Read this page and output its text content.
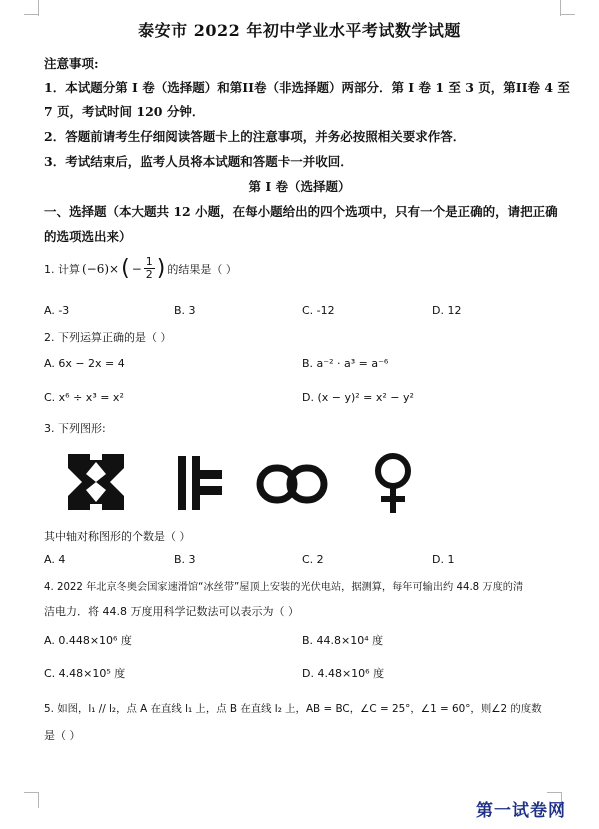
泰安市 2022 年初中学业水平考试数学试题
注意事项:
1．本试题分第 I 卷（选择题）和第II卷（非选择题）两部分．第 I 卷 1 至 3 页，第II卷 4 至
7 页，考试时间 120 分钟．
2．答题前请考生仔细阅读答题卡上的注意事项，并务必按照相关要求作答．
3．考试结束后，监考人员将本试题和答题卡一并收回．
第 I 卷（选择题）
一、选择题（本大题共 12 小题，在每小题给出的四个选项中，只有一个是正确的，请把正确
的选项选出来）
1. 计算 (−6)× ( − $\frac{1}{2}$ ) 的结果是（ ）
A. -3	B. 3	C. -12	D. 12
2. 下列运算正确的是（ ）
A. 6x − 2x = 4	B. a⁻² · a³ = a⁻⁶
C. x⁶ ÷ x³ = x²	D. (x − y)² = x² − y²
3. 下列图形:
其中轴对称图形的个数是（ ）
A. 4	B. 3	C. 2	D. 1
4. 2022 年北京冬奥会国家速滑馆“冰丝带”屋顶上安装的光伏电站，据测算，每年可输出约 44.8 万度的清
洁电力．将 44.8 万度用科学记数法可以表示为（ ）
A. 0.448×10⁶ 度	B. 44.8×10⁴ 度
C. 4.48×10⁵ 度	D. 4.48×10⁶ 度
5. 如图，l₁ // l₂，点 A 在直线 l₁ 上，点 B 在直线 l₂ 上，AB = BC，∠C = 25°，∠1 = 60°，则∠2 的度数
是（ ）
第一试卷网
